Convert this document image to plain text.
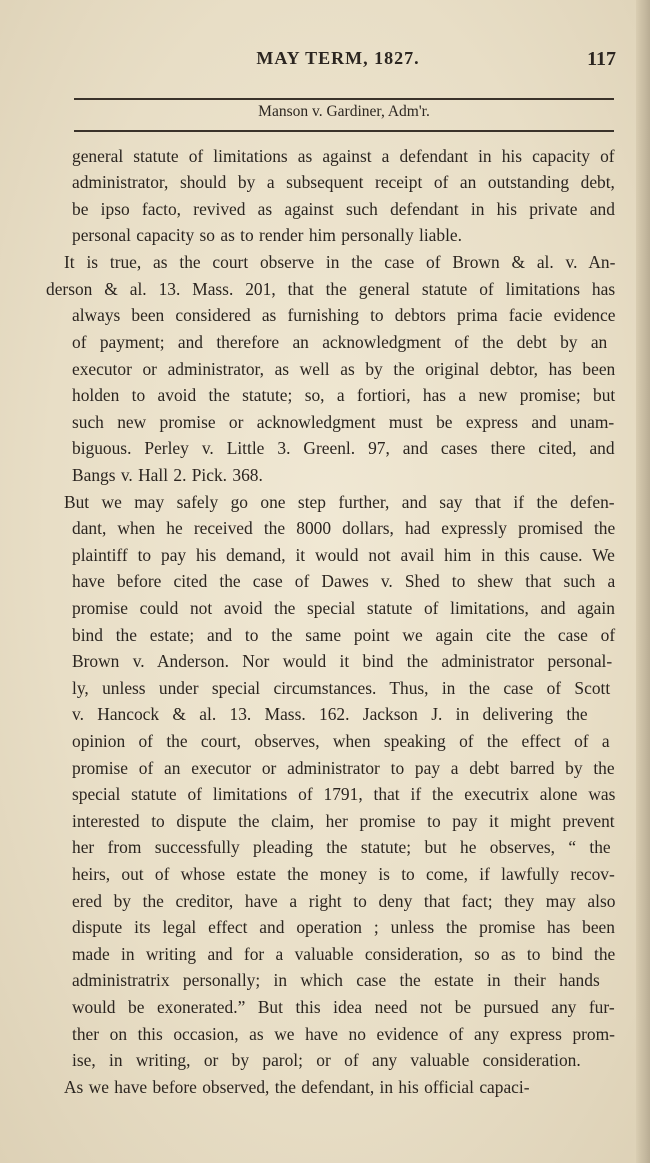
MAY TERM, 1827.	117
Manson v. Gardiner, Adm'r.
general statute of limitations as against a defendant in his capacity of
administrator, should by a subsequent receipt of an outstanding debt,
be ipso facto, revived as against such defendant in his private and
personal capacity so as to render him personally liable.
It is true, as the court observe in the case of Brown & al. v. An-
derson & al. 13. Mass. 201, that the general statute of limitations has
always been considered as furnishing to debtors prima facie evidence
of payment; and therefore an acknowledgment of the debt by an
executor or administrator, as well as by the original debtor, has been
holden to avoid the statute; so, a fortiori, has a new promise; but
such new promise or acknowledgment must be express and unam-
biguous. Perley v. Little 3. Greenl. 97, and cases there cited, and
Bangs v. Hall 2. Pick. 368.
But we may safely go one step further, and say that if the defen-
dant, when he received the 8000 dollars, had expressly promised the
plaintiff to pay his demand, it would not avail him in this cause. We
have before cited the case of Dawes v. Shed to shew that such a
promise could not avoid the special statute of limitations, and again
bind the estate; and to the same point we again cite the case of
Brown v. Anderson. Nor would it bind the administrator personal-
ly, unless under special circumstances. Thus, in the case of Scott
v. Hancock & al. 13. Mass. 162. Jackson J. in delivering the
opinion of the court, observes, when speaking of the effect of a
promise of an executor or administrator to pay a debt barred by the
special statute of limitations of 1791, that if the executrix alone was
interested to dispute the claim, her promise to pay it might prevent
her from successfully pleading the statute; but he observes, “ the
heirs, out of whose estate the money is to come, if lawfully recov-
ered by the creditor, have a right to deny that fact; they may also
dispute its legal effect and operation ; unless the promise has been
made in writing and for a valuable consideration, so as to bind the
administratrix personally; in which case the estate in their hands
would be exonerated.” But this idea need not be pursued any fur-
ther on this occasion, as we have no evidence of any express prom-
ise, in writing, or by parol; or of any valuable consideration.
As we have before observed, the defendant, in his official capaci-
